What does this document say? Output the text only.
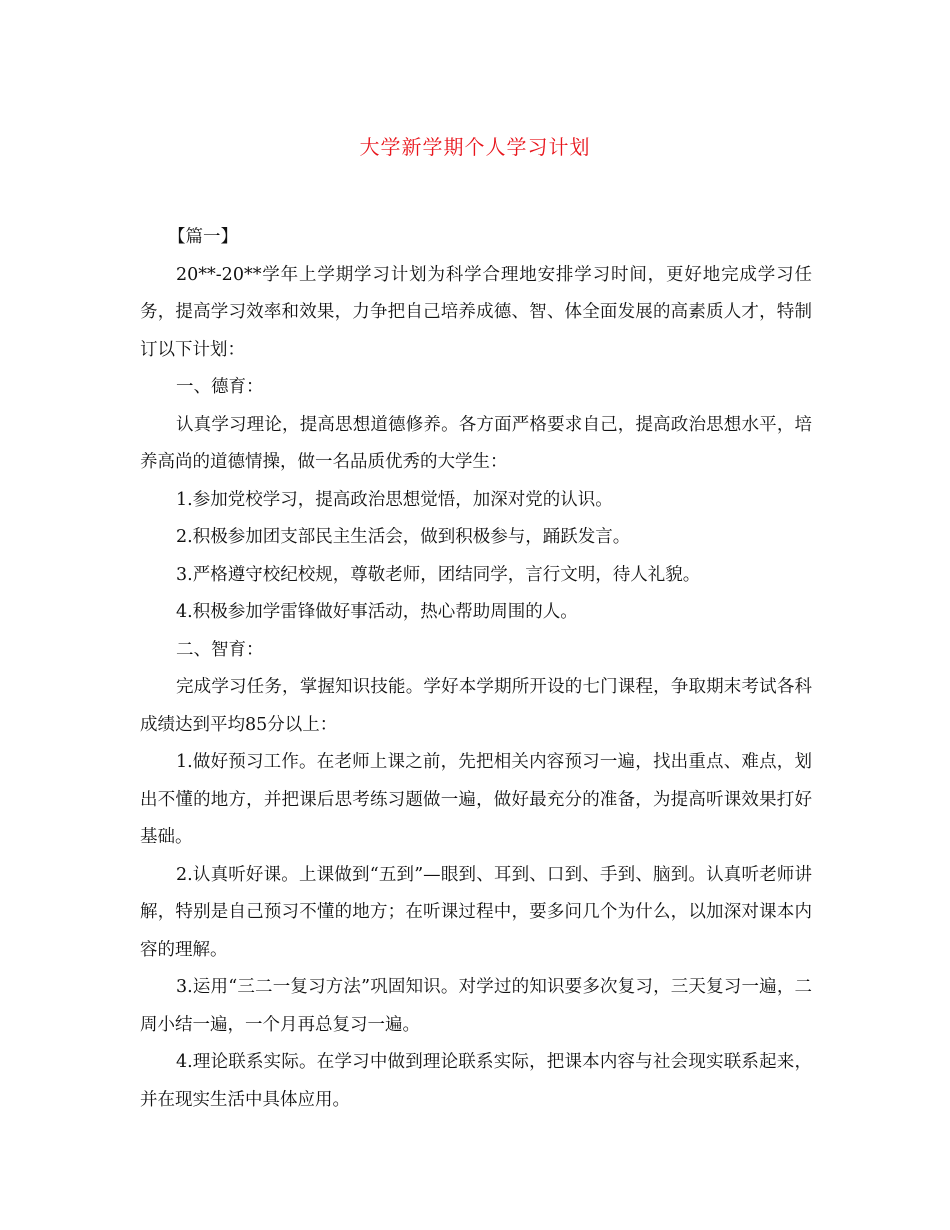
大学新学期个人学习计划

【篇一】

20**-20**学年上学期学习计划为科学合理地安排学习时间，更好地完成学习任务，提高学习效率和效果，力争把自己培养成德、智、体全面发展的高素质人才，特制订以下计划：

一、德育：

认真学习理论，提高思想道德修养。各方面严格要求自己，提高政治思想水平，培养高尚的道德情操，做一名品质优秀的大学生：

1.参加党校学习，提高政治思想觉悟，加深对党的认识。

2.积极参加团支部民主生活会，做到积极参与，踊跃发言。

3.严格遵守校纪校规，尊敬老师，团结同学，言行文明，待人礼貌。

4.积极参加学雷锋做好事活动，热心帮助周围的人。

二、智育：

完成学习任务，掌握知识技能。学好本学期所开设的七门课程，争取期末考试各科成绩达到平均85分以上：

1.做好预习工作。在老师上课之前，先把相关内容预习一遍，找出重点、难点，划出不懂的地方，并把课后思考练习题做一遍，做好最充分的准备，为提高听课效果打好基础。

2.认真听好课。上课做到“五到”—眼到、耳到、口到、手到、脑到。认真听老师讲解，特别是自己预习不懂的地方；在听课过程中，要多问几个为什么，以加深对课本内容的理解。

3.运用“三二一复习方法”巩固知识。对学过的知识要多次复习，三天复习一遍，二周小结一遍，一个月再总复习一遍。

4.理论联系实际。在学习中做到理论联系实际，把课本内容与社会现实联系起来，并在现实生活中具体应用。
